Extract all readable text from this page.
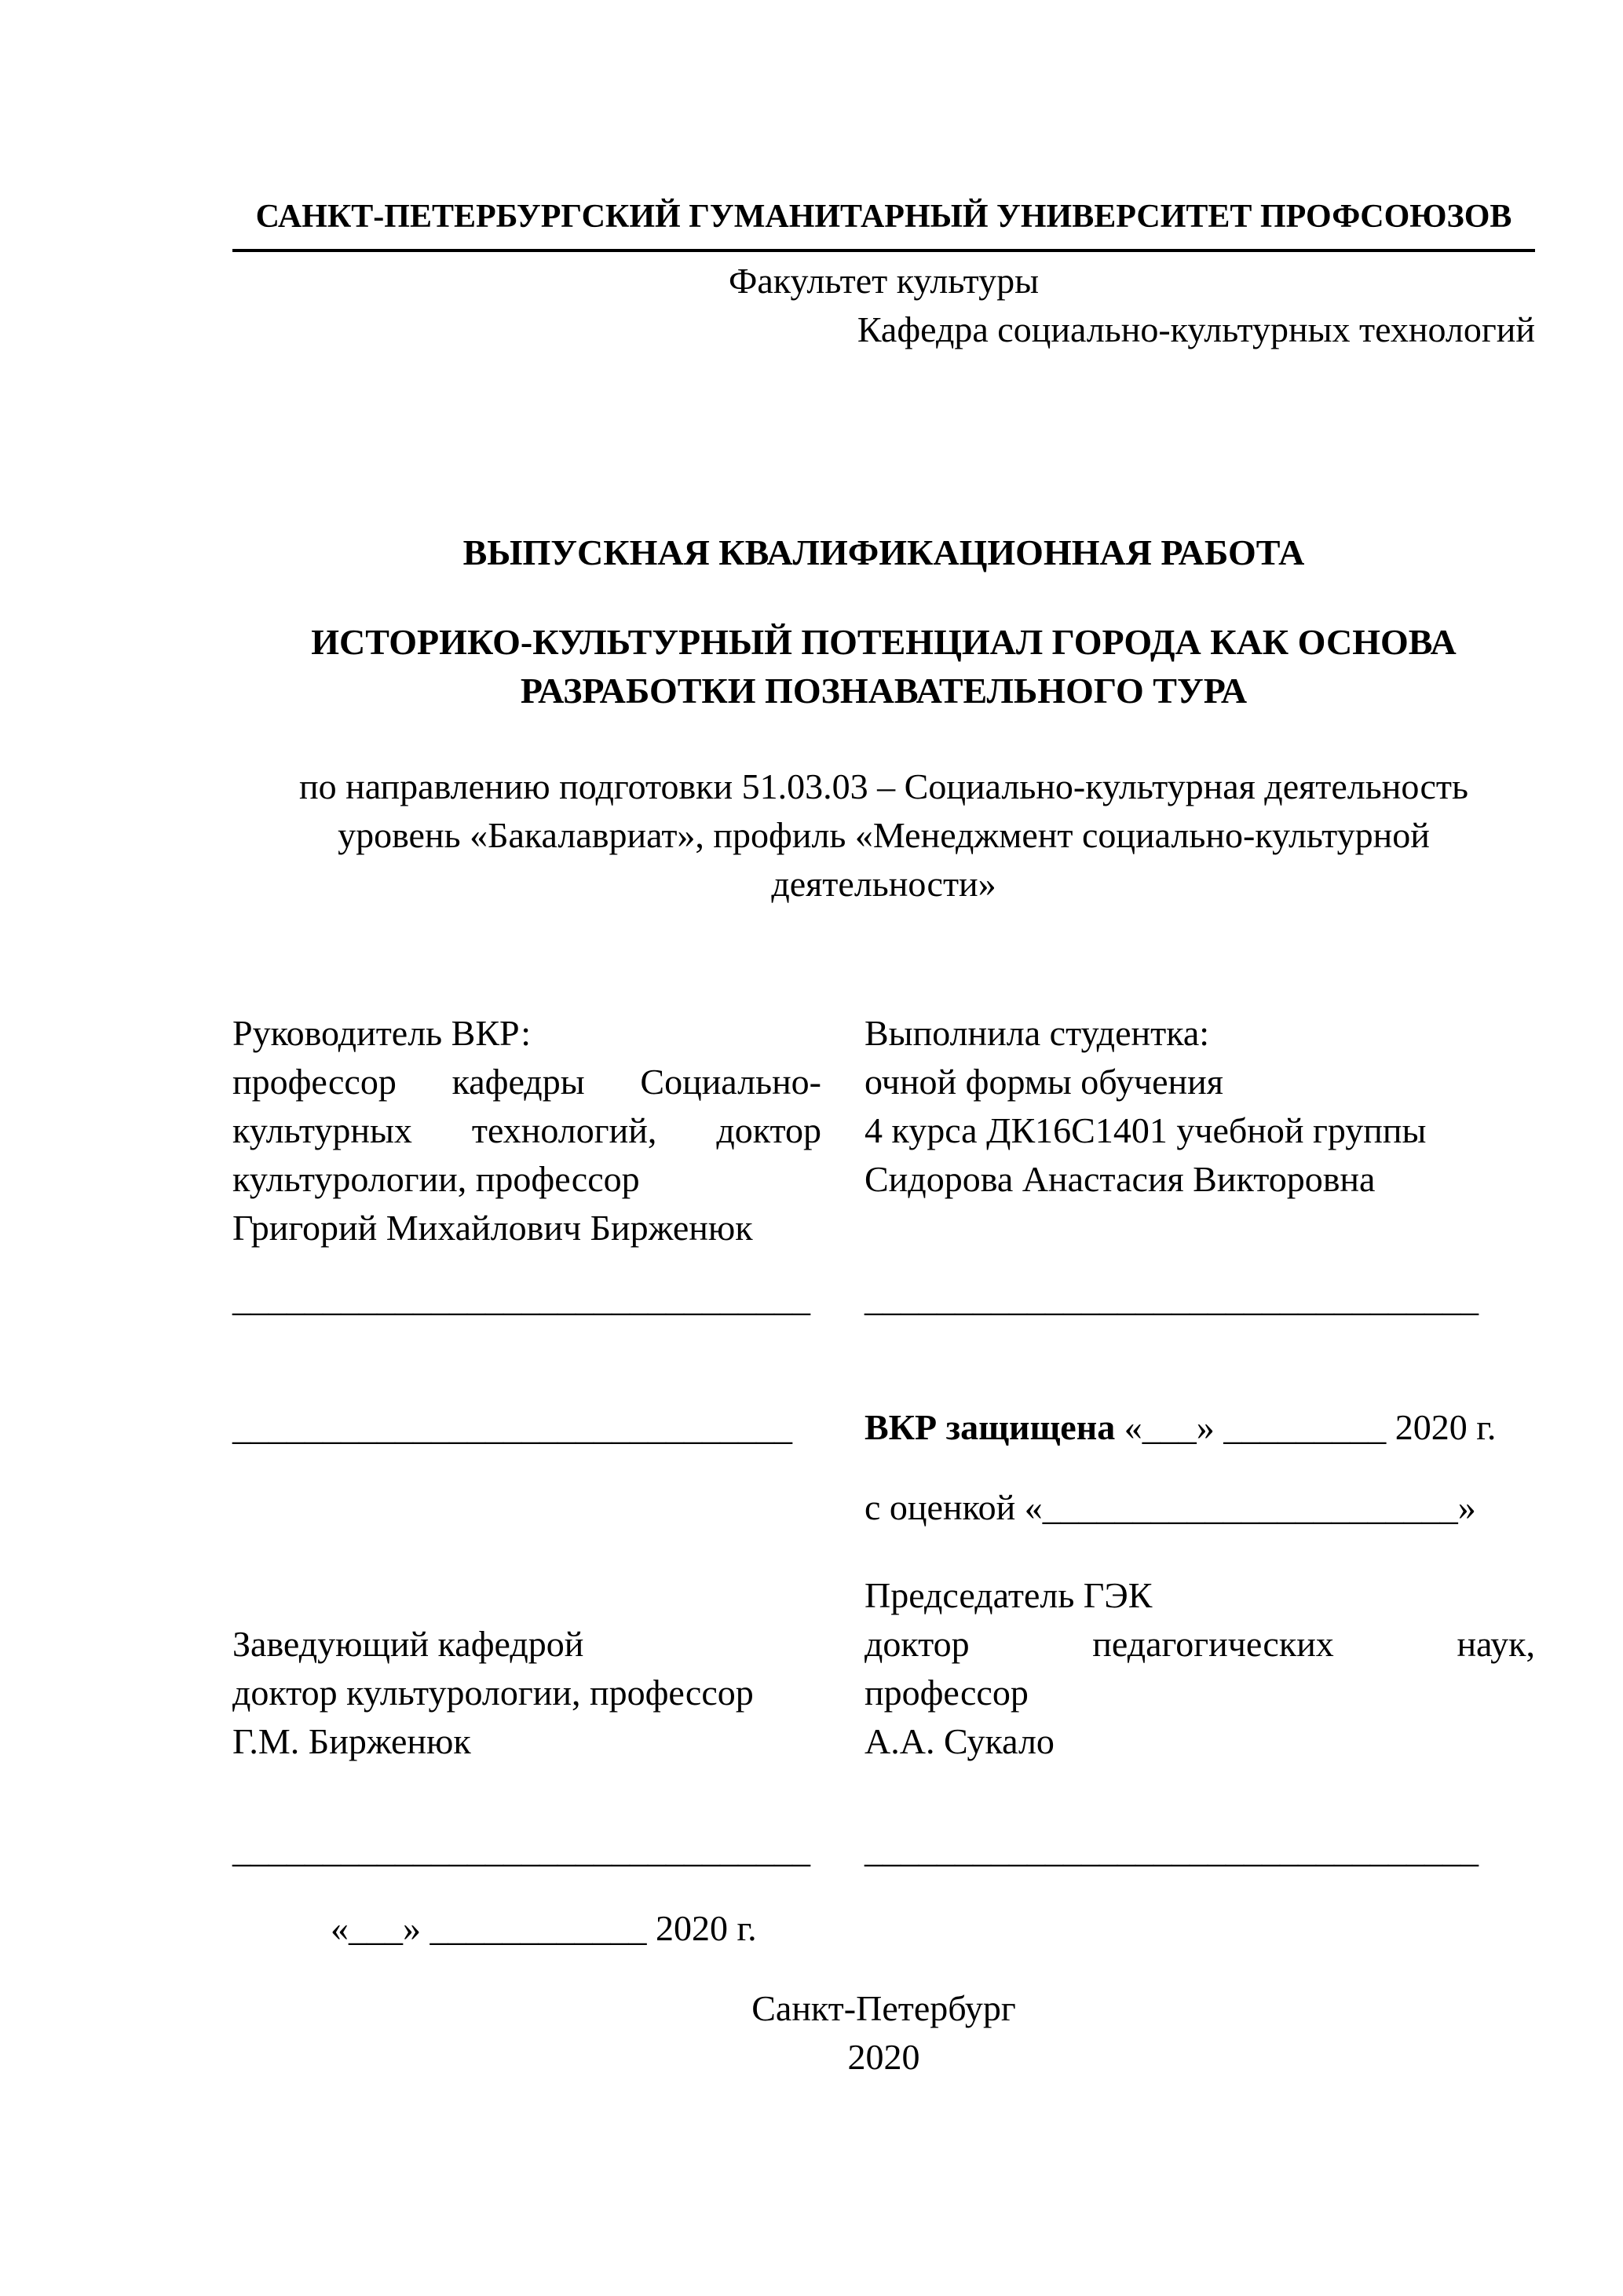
САНКТ-ПЕТЕРБУРГСКИЙ ГУМАНИТАРНЫЙ УНИВЕРСИТЕТ ПРОФСОЮЗОВ
Факультет культуры
Кафедра социально-культурных технологий
ВЫПУСКНАЯ КВАЛИФИКАЦИОННАЯ РАБОТА
ИСТОРИКО-КУЛЬТУРНЫЙ ПОТЕНЦИАЛ ГОРОДА КАК ОСНОВА
РАЗРАБОТКИ ПОЗНАВАТЕЛЬНОГО ТУРА
по направлению подготовки 51.03.03 – Социально-культурная деятельность
уровень «Бакалавриат», профиль «Менеджмент социально-культурной
деятельности»
Руководитель ВКР:
профессор кафедры Социально-
культурных технологий, доктор
культурологии, профессор
Григорий Михайлович Бирженюк
________________________________
Выполнила студентка:
очной формы обучения
4 курса ДК16С1401 учебной группы
Сидорова Анастасия Викторовна
__________________________________
_______________________________	ВКР защищена «___» _________ 2020 г.
с оценкой «_______________________»
Заведующий кафедрой
доктор культурологии, профессор
Г.М. Бирженюк
Председатель ГЭК
доктор педагогических наук,
профессор
А.А. Сукало
________________________________	__________________________________
«___» ____________ 2020 г.
Санкт-Петербург
2020
